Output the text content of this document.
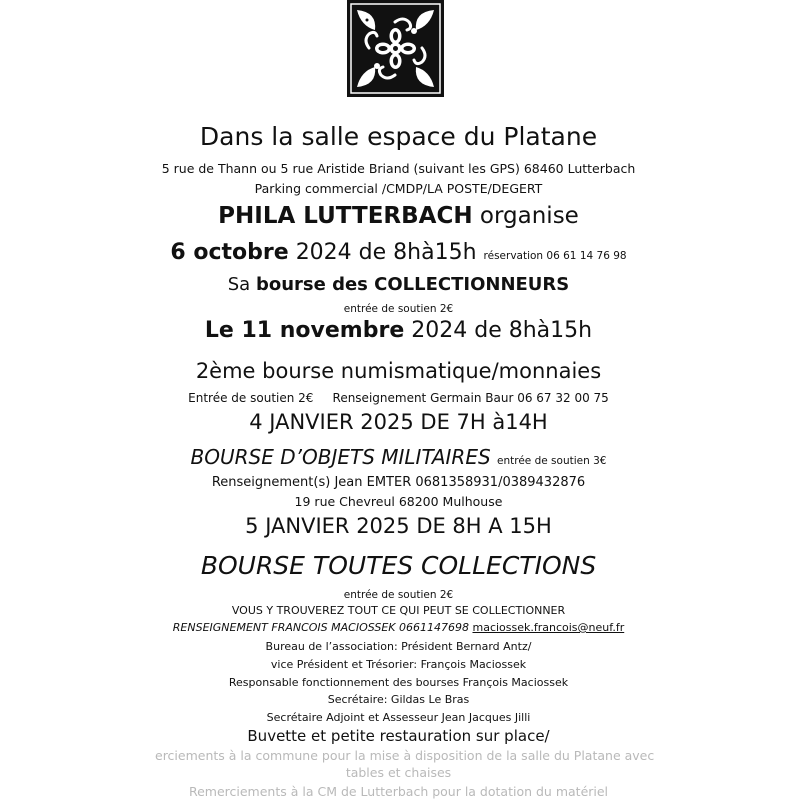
Dans la salle espace du Platane
5 rue de Thann ou 5 rue Aristide Briand (suivant les GPS) 68460 Lutterbach
Parking commercial /CMDP/LA POSTE/DEGERT
PHILA LUTTERBACH organise
6 octobre 2024 de 8hà15h réservation 06 61 14 76 98
Sa bourse des COLLECTIONNEURS
entrée de soutien 2€
Le 11 novembre 2024 de 8hà15h
2ème bourse numismatique/monnaies
Entrée de soutien 2€ Renseignement Germain Baur 06 67 32 00 75
4 JANVIER 2025 DE 7H à14H
BOURSE D’OBJETS MILITAIRES entrée de soutien 3€
Renseignement(s) Jean EMTER 0681358931/0389432876
19 rue Chevreul 68200 Mulhouse
5 JANVIER 2025 DE 8H A 15H
BOURSE TOUTES COLLECTIONS
entrée de soutien 2€
VOUS Y TROUVEREZ TOUT CE QUI PEUT SE COLLECTIONNER
RENSEIGNEMENT FRANCOIS MACIOSSEK 0661147698 maciossek.francois@neuf.fr
Bureau de l’association: Président Bernard Antz/
vice Président et Trésorier: François Maciossek
Responsable fonctionnement des bourses François Maciossek
Secrétaire: Gildas Le Bras
Secrétaire Adjoint et Assesseur Jean Jacques Jilli
Buvette et petite restauration sur place/
erciements à la commune pour la mise à disposition de la salle du Platane avec
tables et chaises
Remerciements à la CM de Lutterbach pour la dotation du matériel
